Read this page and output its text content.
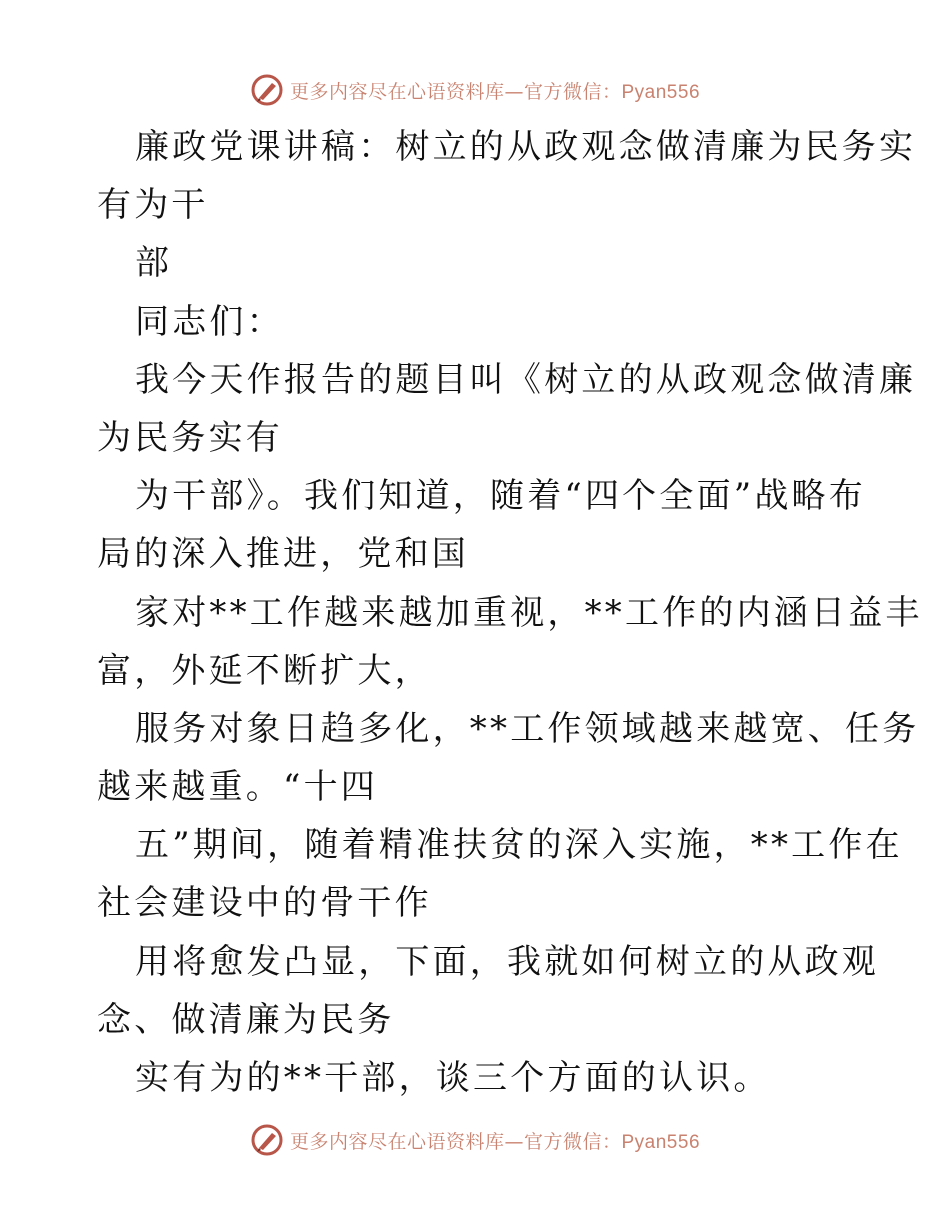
更多内容尽在心语资料库—官方微信：Pyan556
廉政党课讲稿：树立的从政观念做清廉为民务实
有为干
部
同志们：
我今天作报告的题目叫《树立的从政观念做清廉
为民务实有
为干部》。我们知道，随着“四个全面”战略布
局的深入推进，党和国
家对**工作越来越加重视，**工作的内涵日益丰
富，外延不断扩大，
服务对象日趋多化，**工作领域越来越宽、任务
越来越重。“十四
五”期间，随着精准扶贫的深入实施，**工作在
社会建设中的骨干作
用将愈发凸显，下面，我就如何树立的从政观
念、做清廉为民务
实有为的**干部，谈三个方面的认识。
更多内容尽在心语资料库—官方微信：Pyan556
